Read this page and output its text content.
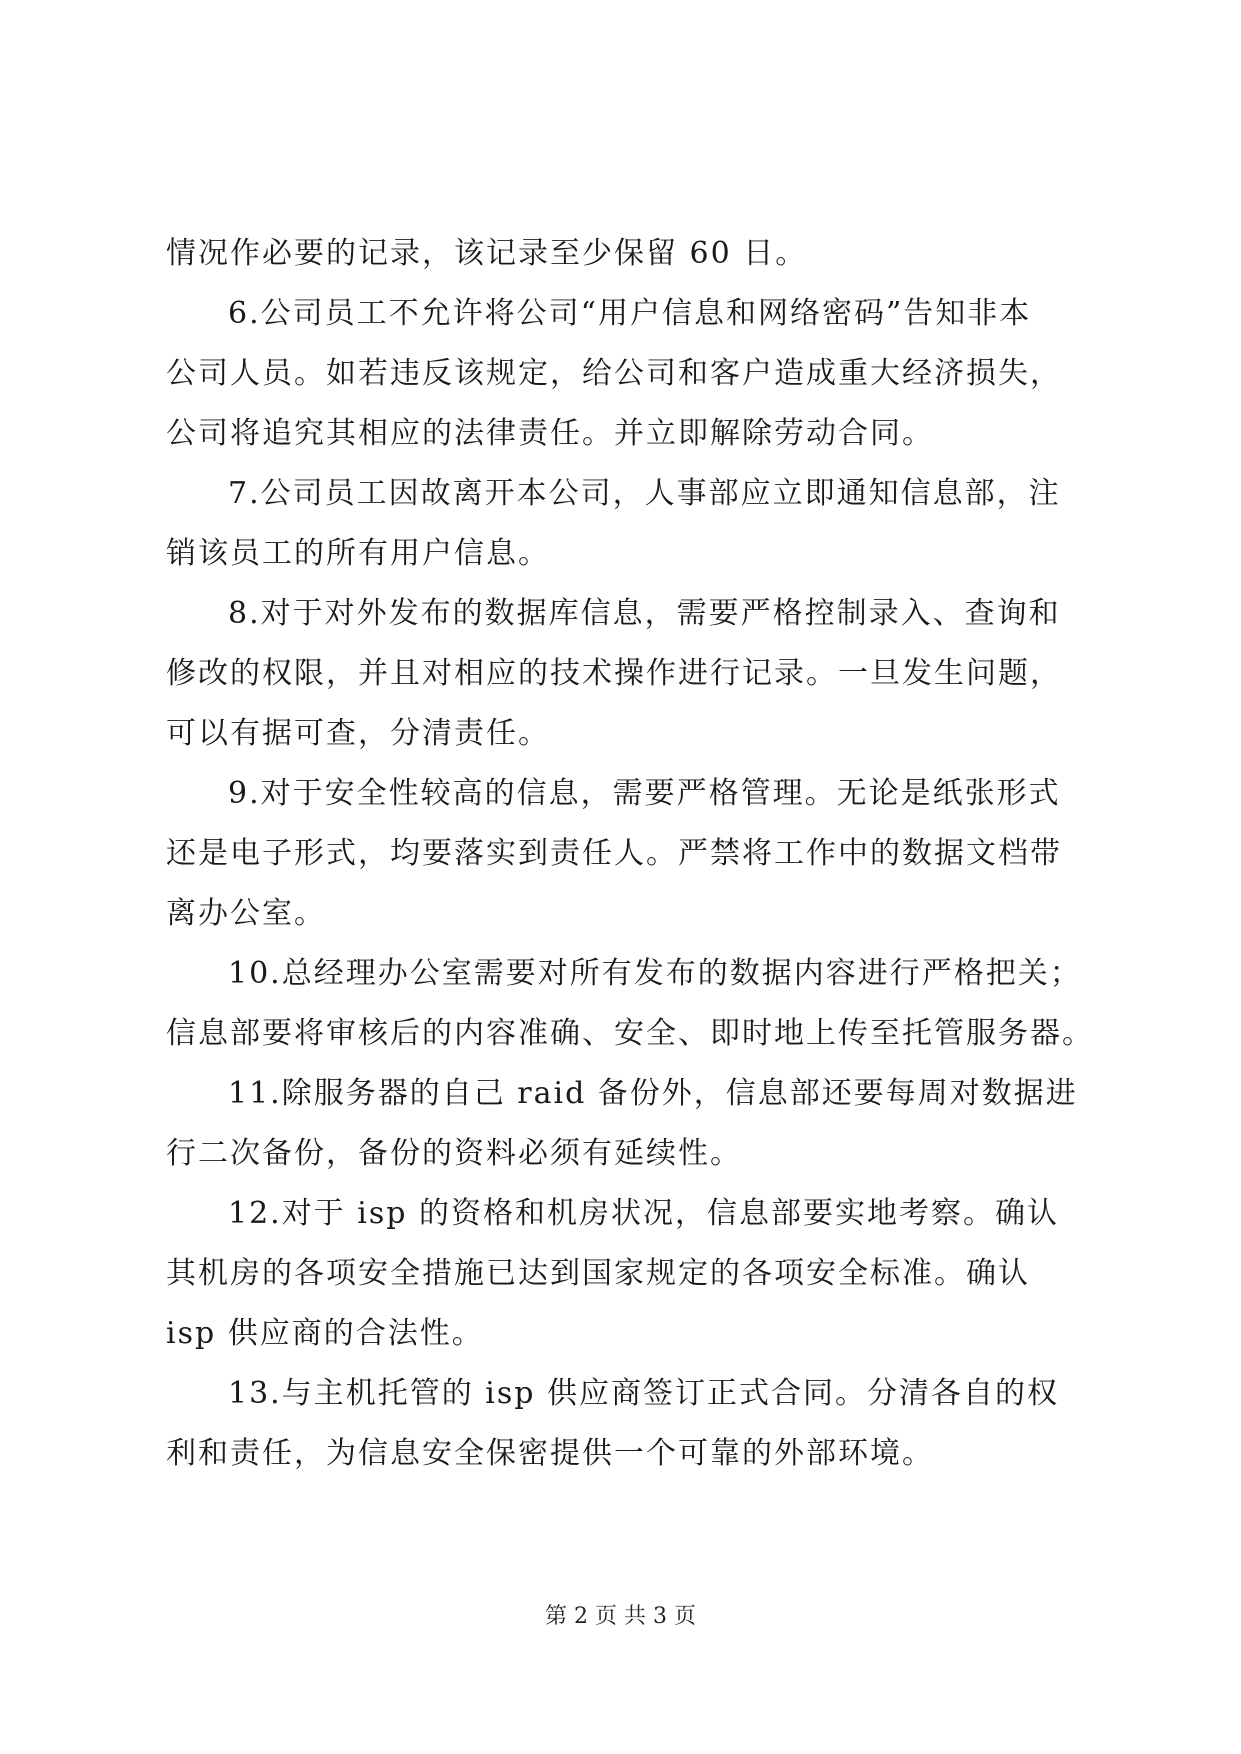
情况作必要的记录，该记录至少保留 60 日。
6.公司员工不允许将公司“用户信息和网络密码”告知非本
公司人员。如若违反该规定，给公司和客户造成重大经济损失，
公司将追究其相应的法律责任。并立即解除劳动合同。
7.公司员工因故离开本公司，人事部应立即通知信息部，注
销该员工的所有用户信息。
8.对于对外发布的数据库信息，需要严格控制录入、查询和
修改的权限，并且对相应的技术操作进行记录。一旦发生问题，
可以有据可查，分清责任。
9.对于安全性较高的信息，需要严格管理。无论是纸张形式
还是电子形式，均要落实到责任人。严禁将工作中的数据文档带
离办公室。
10.总经理办公室需要对所有发布的数据内容进行严格把关；
信息部要将审核后的内容准确、安全、即时地上传至托管服务器。
11.除服务器的自己 raid 备份外，信息部还要每周对数据进
行二次备份，备份的资料必须有延续性。
12.对于 isp 的资格和机房状况，信息部要实地考察。确认
其机房的各项安全措施已达到国家规定的各项安全标准。确认
isp 供应商的合法性。
13.与主机托管的 isp 供应商签订正式合同。分清各自的权
利和责任，为信息安全保密提供一个可靠的外部环境。
第 2 页 共 3 页
